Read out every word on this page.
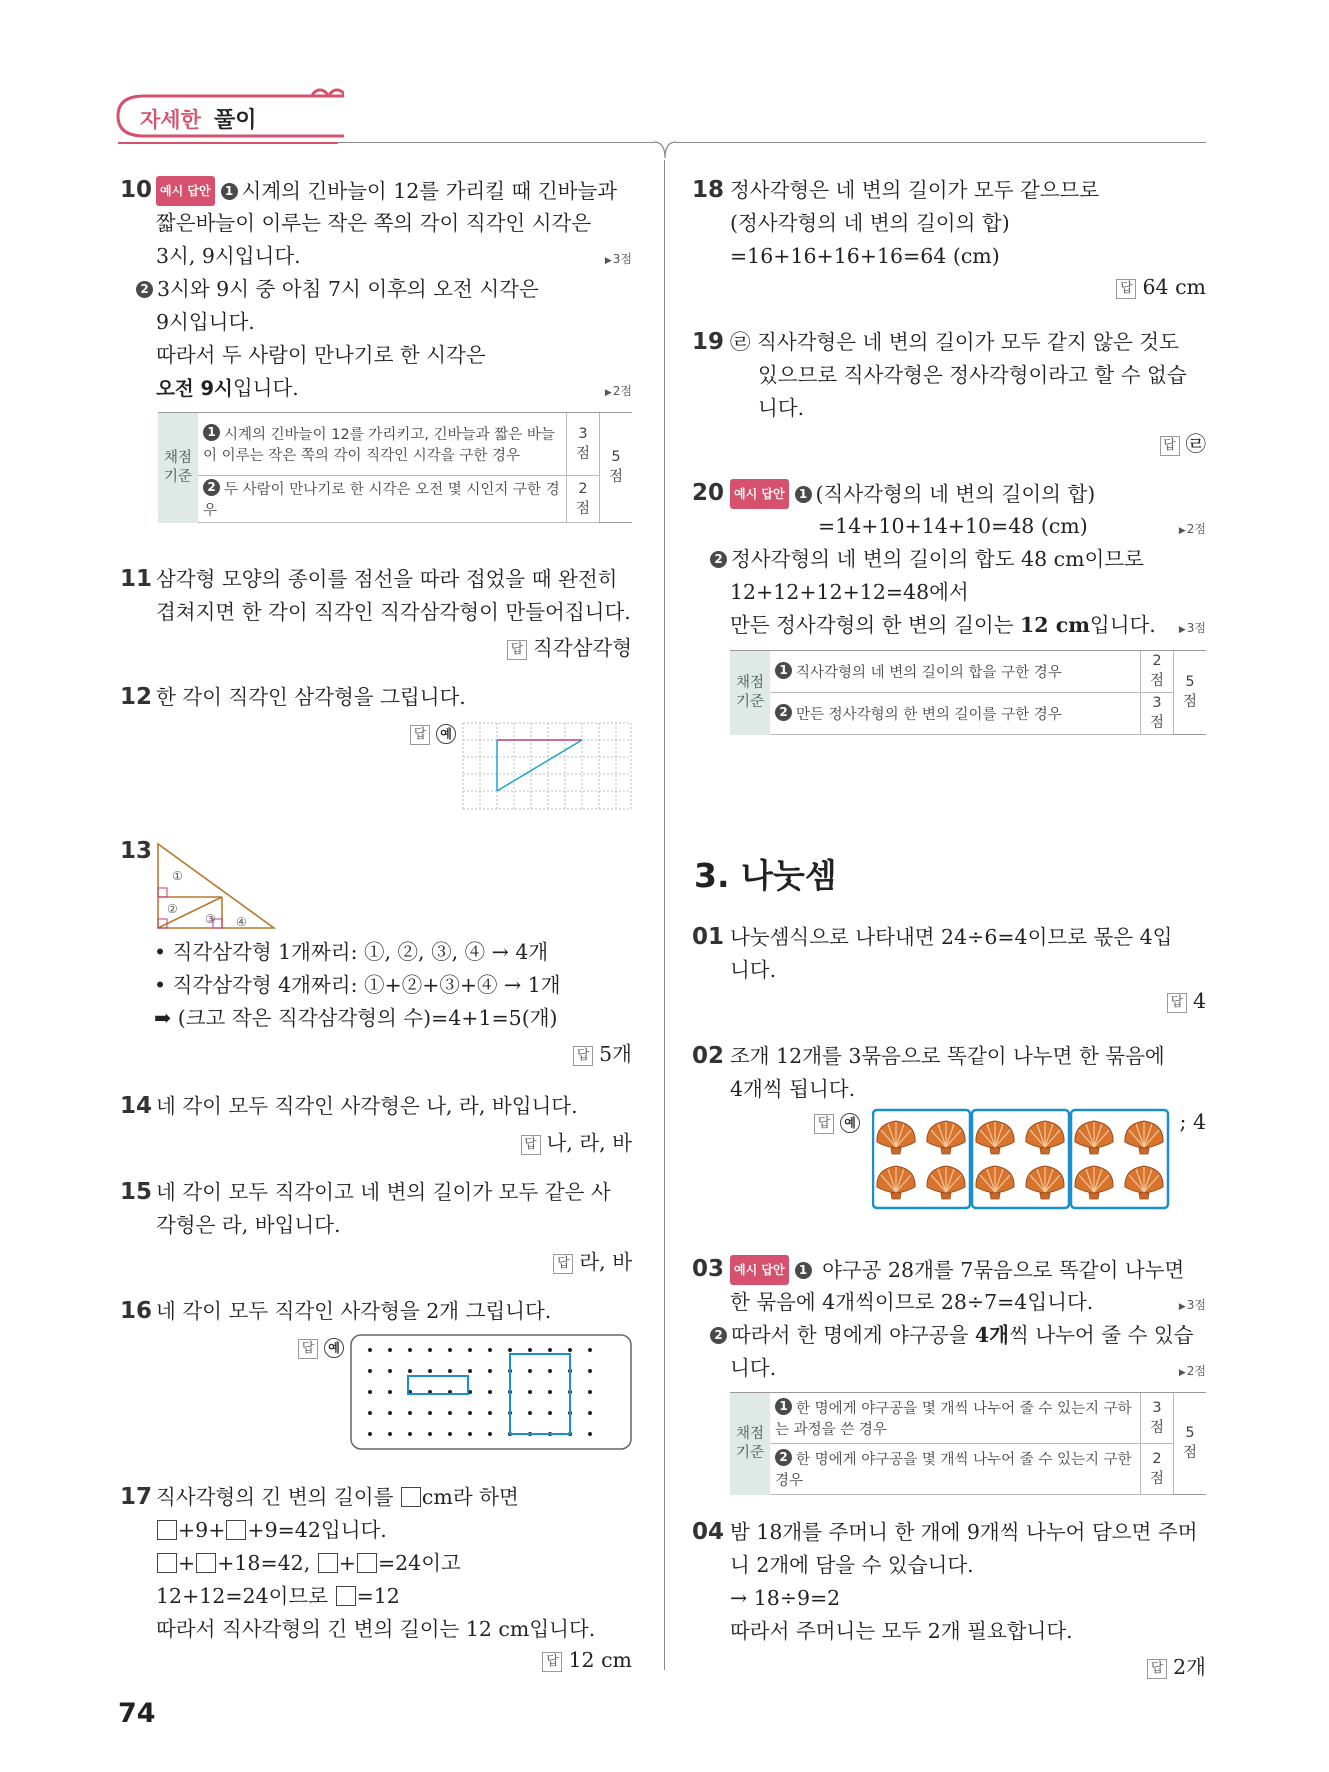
자세한 풀이
10 예시 답안 1 시계의 긴바늘이 12를 가리킬 때 긴바늘과
짧은바늘이 이루는 작은 쪽의 각이 직각인 시각은
3시, 9시입니다.	▶ 3점
2 3시와 9시 중 아침 7시 이후의 오전 시각은
9시입니다.
따라서 두 사람이 만나기로 한 시각은
오전 9시입니다.	▶ 2점
채점 기준	1 시계의 긴바늘이 12를 가리키고, 긴바늘과 짧은 바늘이 이루는 작은 쪽의 각이 직각인 시각을 구한 경우	3점	5점
	2 두 사람이 만나기로 한 시각은 오전 몇 시인지 구한 경우	2점	
11 삼각형 모양의 종이를 점선을 따라 접었을 때 완전히
겹쳐지면 한 각이 직각인 직각삼각형이 만들어집니다.
답 직각삼각형
12 한 각이 직각인 삼각형을 그립니다.
답 예
13
①
②
③ ④
• 직각삼각형 1개짜리: ①, ②, ③, ④ → 4개
• 직각삼각형 4개짜리: ①+②+③+④ → 1개
➡ (크고 작은 직각삼각형의 수)=4+1=5(개)
답 5개
14 네 각이 모두 직각인 사각형은 나, 라, 바입니다.
답 나, 라, 바
15 네 각이 모두 직각이고 네 변의 길이가 모두 같은 사
각형은 라, 바입니다.
답 라, 바
16 네 각이 모두 직각인 사각형을 2개 그립니다.
답 예
17 직사각형의 긴 변의 길이를 cm라 하면
+9+ +9=42입니다.
+ +18=42, + =24이고
12+12=24이므로 =12
따라서 직사각형의 긴 변의 길이는 12 cm입니다.
답 12 cm
18 정사각형은 네 변의 길이가 모두 같으므로
(정사각형의 네 변의 길이의 합)
=16+16+16+16=64 (cm)
답 64 cm
19 ㉣ 직사각형은 네 변의 길이가 모두 같지 않은 것도
있으므로 직사각형은 정사각형이라고 할 수 없습
니다.
답 ㉣
20 예시 답안 1 (직사각형의 네 변의 길이의 합)
=14+10+14+10=48 (cm)	▶ 2점
2 정사각형의 네 변의 길이의 합도 48 cm이므로
12+12+12+12=48에서
만든 정사각형의 한 변의 길이는 12 cm입니다.	▶ 3점
채점 기준	1 직사각형의 네 변의 길이의 합을 구한 경우	2점	5점
	2 만든 정사각형의 한 변의 길이를 구한 경우	3점	
3. 나눗셈
01 나눗셈식으로 나타내면 24÷6=4이므로 몫은 4입
니다.
답 4
02 조개 12개를 3묶음으로 똑같이 나누면 한 묶음에
4개씩 됩니다.
답 예	; 4
03 예시 답안 1 야구공 28개를 7묶음으로 똑같이 나누면
한 묶음에 4개씩이므로 28÷7=4입니다.	▶ 3점
2 따라서 한 명에게 야구공을 4개씩 나누어 줄 수 있습
니다.	▶ 2점
채점 기준	1 한 명에게 야구공을 몇 개씩 나누어 줄 수 있는지 구하는 과정을 쓴 경우	3점	5점
	2 한 명에게 야구공을 몇 개씩 나누어 줄 수 있는지 구한 경우	2점	
04 밤 18개를 주머니 한 개에 9개씩 나누어 담으면 주머
니 2개에 담을 수 있습니다.
→ 18÷9=2
따라서 주머니는 모두 2개 필요합니다.
답 2개
74
